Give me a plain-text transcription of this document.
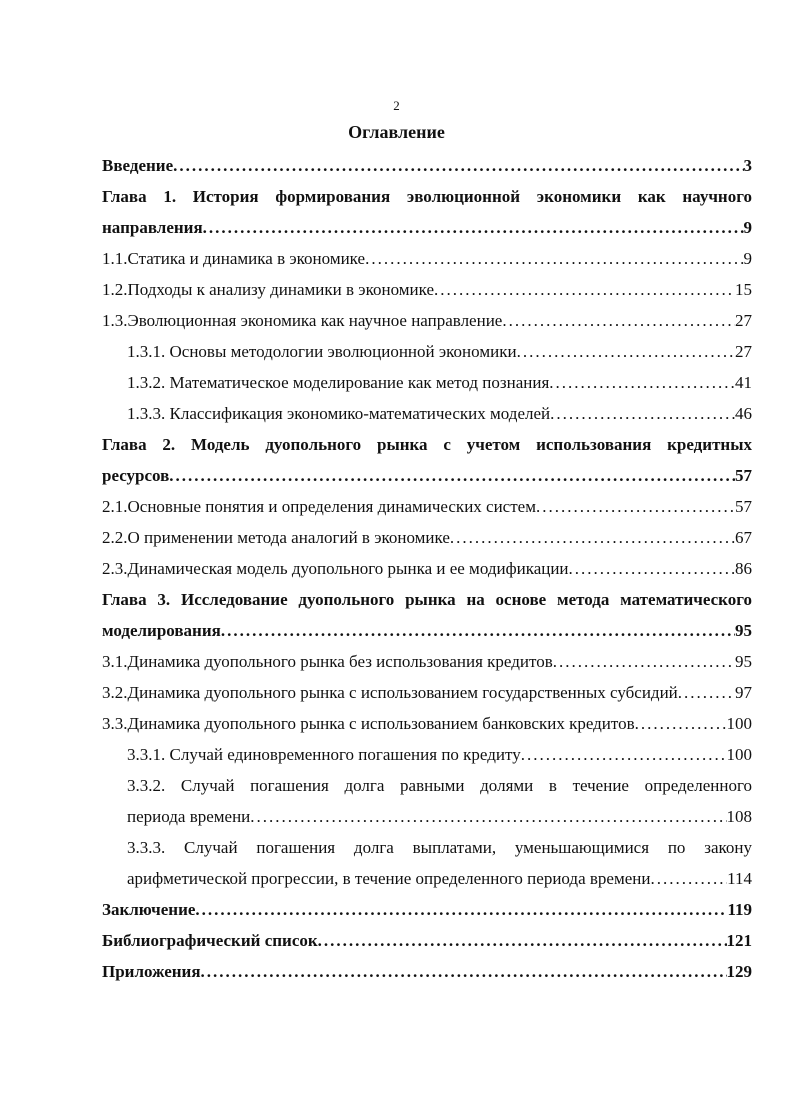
2
Оглавление
Введение .....	3
Глава 1. История формирования эволюционной экономики как научного
направления .....	9
1.1.Статика и динамика в экономике .....	9
1.2.Подходы к анализу динамики в экономике .....	15
1.3.Эволюционная экономика как научное направление .....	27
1.3.1. Основы методологии эволюционной экономики .....	27
1.3.2. Математическое моделирование как метод познания .....	41
1.3.3. Классификация экономико-математических моделей .....	46
Глава 2. Модель дуопольного рынка с учетом использования кредитных
ресурсов .....	57
2.1.Основные понятия и определения динамических систем .....	57
2.2.О применении метода аналогий в экономике .....	67
2.3.Динамическая модель дуопольного рынка и ее модификации .....	86
Глава 3. Исследование дуопольного рынка на основе метода математического
моделирования .....	95
3.1.Динамика дуопольного рынка без использования кредитов .....	95
3.2.Динамика дуопольного рынка с использованием государственных субсидий .....	97
3.3.Динамика дуопольного рынка с использованием банковских кредитов .....	100
3.3.1. Случай единовременного погашения по кредиту .....	100
3.3.2. Случай погашения долга равными долями в течение определенного
периода времени .....	108
3.3.3. Случай погашения долга выплатами, уменьшающимися по закону
арифметической прогрессии, в течение определенного периода времени .....	114
Заключение .....	119
Библиографический список .....	121
Приложения .....	129
